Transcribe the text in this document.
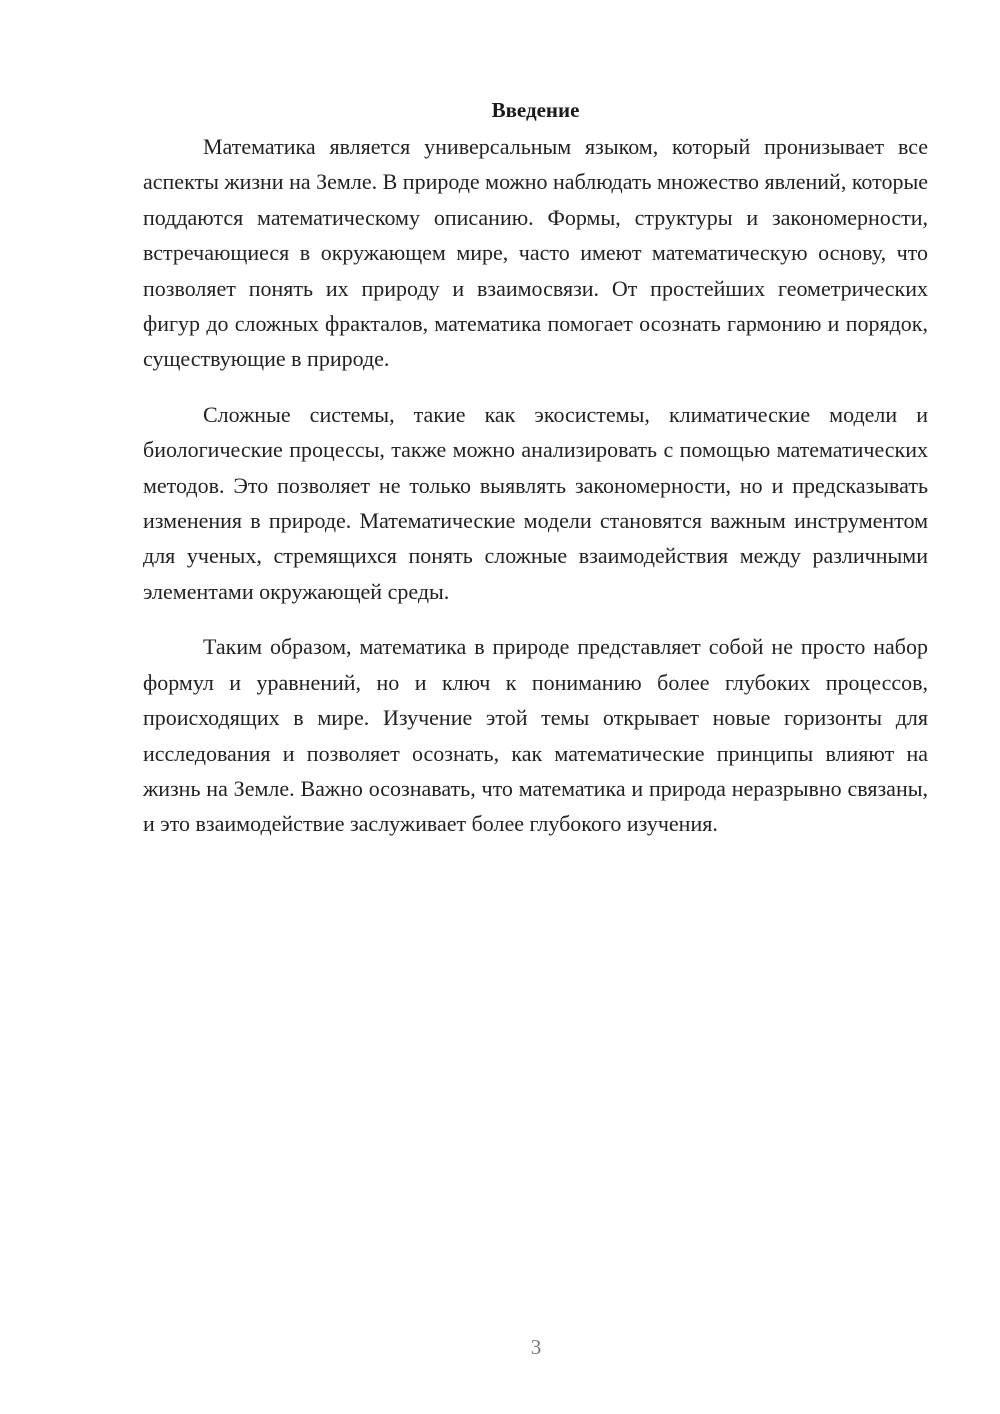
Введение

Математика является универсальным языком, который пронизывает все аспекты жизни на Земле. В природе можно наблюдать множество явлений, которые поддаются математическому описанию. Формы, структуры и закономерности, встречающиеся в окружающем мире, часто имеют математическую основу, что позволяет понять их природу и взаимосвязи. От простейших геометрических фигур до сложных фракталов, математика помогает осознать гармонию и порядок, существующие в природе.

Сложные системы, такие как экосистемы, климатические модели и биологические процессы, также можно анализировать с помощью математических методов. Это позволяет не только выявлять закономерности, но и предсказывать изменения в природе. Математические модели становятся важным инструментом для ученых, стремящихся понять сложные взаимодействия между различными элементами окружающей среды.

Таким образом, математика в природе представляет собой не просто набор формул и уравнений, но и ключ к пониманию более глубоких процессов, происходящих в мире. Изучение этой темы открывает новые горизонты для исследования и позволяет осознать, как математические принципы влияют на жизнь на Земле. Важно осознавать, что математика и природа неразрывно связаны, и это взаимодействие заслуживает более глубокого изучения.

3
